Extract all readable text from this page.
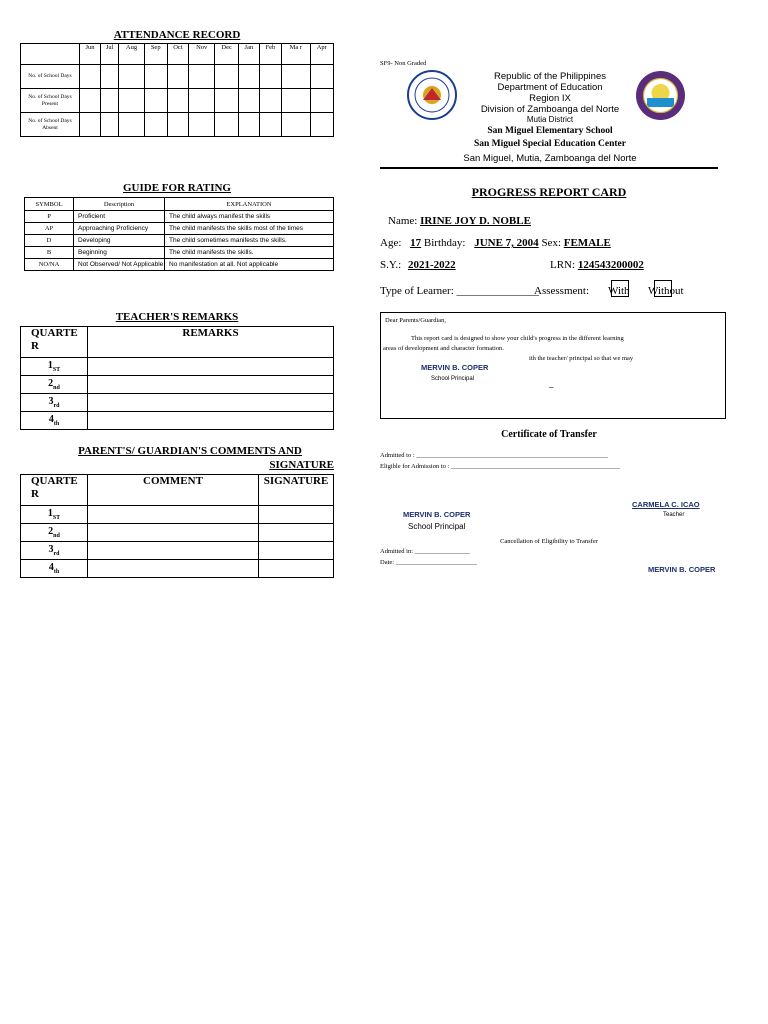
ATTENDANCE RECORD
	Jun	Jul	Aug	Sep	Oct	Nov	Dec	Jan	Feb	Ma r	Apr
No. of School Days											
No. of School Days Present											
No. of School Days Absent											
GUIDE FOR RATING
SYMBOL	Description	EXPLANATION
P	Proficient	The child always manifest the skills
AP	Approaching Proficiency	The child manifests the skills most of the times
D	Developing	The child sometimes manifests the skills.
B	Beginning	The child manifests the skills.
NO/NA	Not Observed/ Not Applicable	No manifestation at all. Not applicable
TEACHER'S REMARKS
QUARTE R	REMARKS
$1_{ST}$	
$2_{nd}$	
$3_{rd}$	
$4_{th}$	
PARENT'S/ GUARDIAN'S COMMENTS AND
SIGNATURE
QUARTE R	COMMENT	SIGNATURE
$1_{ST}$		
$2_{nd}$		
$3_{rd}$		
$4_{th}$		
SF9- Non Graded
Republic of the Philippines
Department of Education
Region IX
Division of Zamboanga del Norte
Mutia District
San Miguel Elementary School
San Miguel Special Education Center
San Miguel, Mutia, Zamboanga del Norte
PROGRESS REPORT CARD
Name: IRINE JOY D. NOBLE
Age: 17 Birthday: JUNE 7, 2004 Sex: FEMALE
S.Y.: 2021-2022	LRN: 124543200002
Type of Learner: _______________
Assessment: With Without
Dear Parents/Guardian,
This report card is designed to show your child's progress in the different learning
areas of development and character formation.
ith the teacher/ principal so that we may
MERVIN B. COPER
School Principal	_
Certificate of Transfer
Admitted to : ___________________________________________________________
Eligible for Admission to : ____________________________________________________
CARMELA C. ICAO
Teacher
MERVIN B. COPER
School Principal
Cancellation of Eligibility to Transfer
Admitted in: _________________
Date: _________________________
MERVIN B. COPER
